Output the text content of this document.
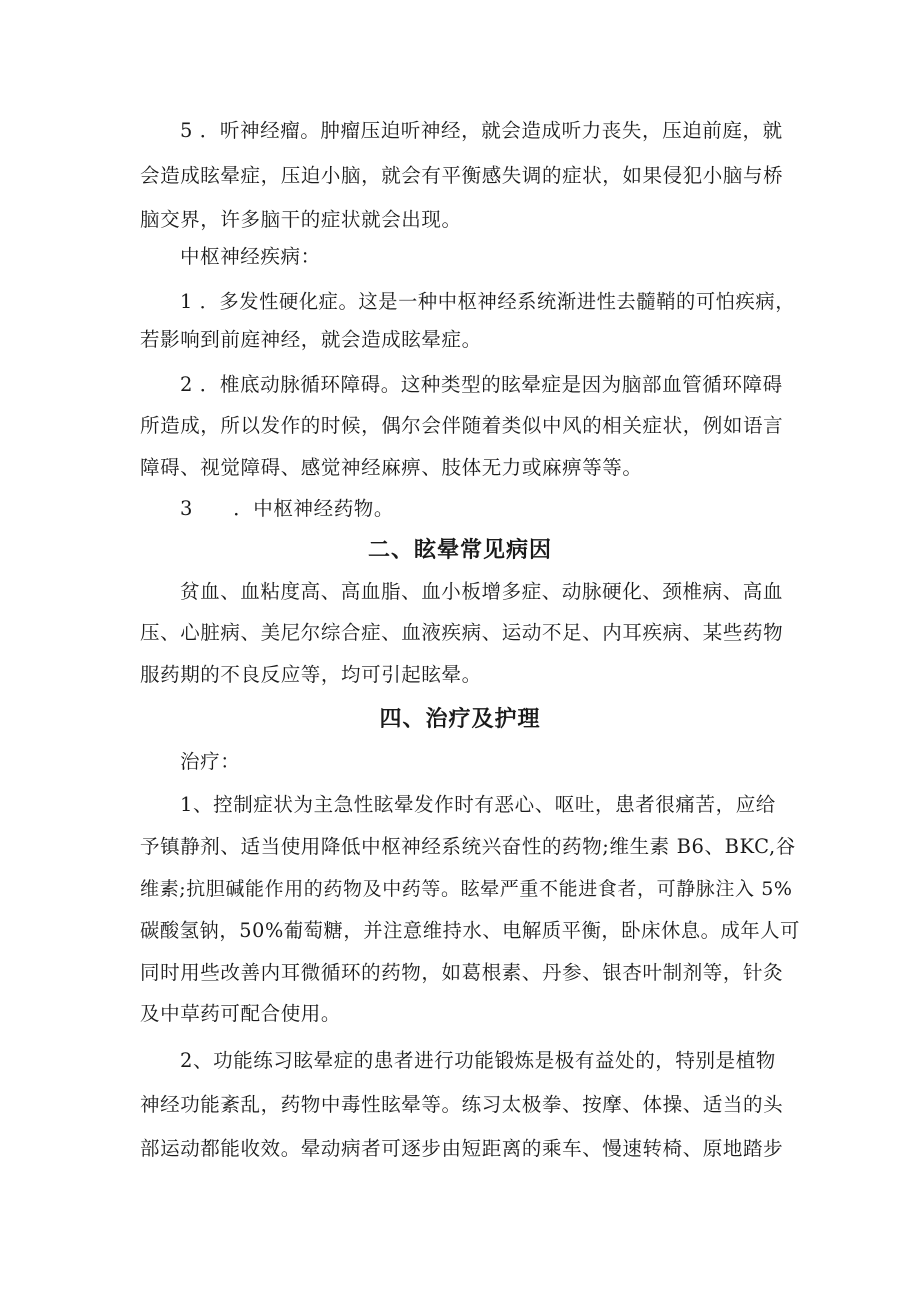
5 ．听神经瘤。肿瘤压迫听神经，就会造成听力丧失，压迫前庭，就
会造成眩晕症，压迫小脑，就会有平衡感失调的症状，如果侵犯小脑与桥
脑交界，许多脑干的症状就会出现。
中枢神经疾病：
1 ．多发性硬化症。这是一种中枢神经系统渐进性去髓鞘的可怕疾病，
若影响到前庭神经，就会造成眩晕症。
2 ．椎底动脉循环障碍。这种类型的眩晕症是因为脑部血管循环障碍
所造成，所以发作的时候，偶尔会伴随着类似中风的相关症状，例如语言
障碍、视觉障碍、感觉神经麻痹、肢体无力或麻痹等等。
3　　．中枢神经药物。
二、眩晕常见病因
贫血、血粘度高、高血脂、血小板增多症、动脉硬化、颈椎病、高血
压、心脏病、美尼尔综合症、血液疾病、运动不足、内耳疾病、某些药物
服药期的不良反应等，均可引起眩晕。
四、治疗及护理
治疗：
1、控制症状为主急性眩晕发作时有恶心、呕吐，患者很痛苦，应给
予镇静剂、适当使用降低中枢神经系统兴奋性的药物;维生素 B6、BKC,谷
维素;抗胆碱能作用的药物及中药等。眩晕严重不能进食者，可静脉注入 5%
碳酸氢钠，50%葡萄糖，并注意维持水、电解质平衡，卧床休息。成年人可
同时用些改善内耳微循环的药物，如葛根素、丹参、银杏叶制剂等，针灸
及中草药可配合使用。
2、功能练习眩晕症的患者进行功能锻炼是极有益处的，特别是植物
神经功能紊乱，药物中毒性眩晕等。练习太极拳、按摩、体操、适当的头
部运动都能收效。晕动病者可逐步由短距离的乘车、慢速转椅、原地踏步
